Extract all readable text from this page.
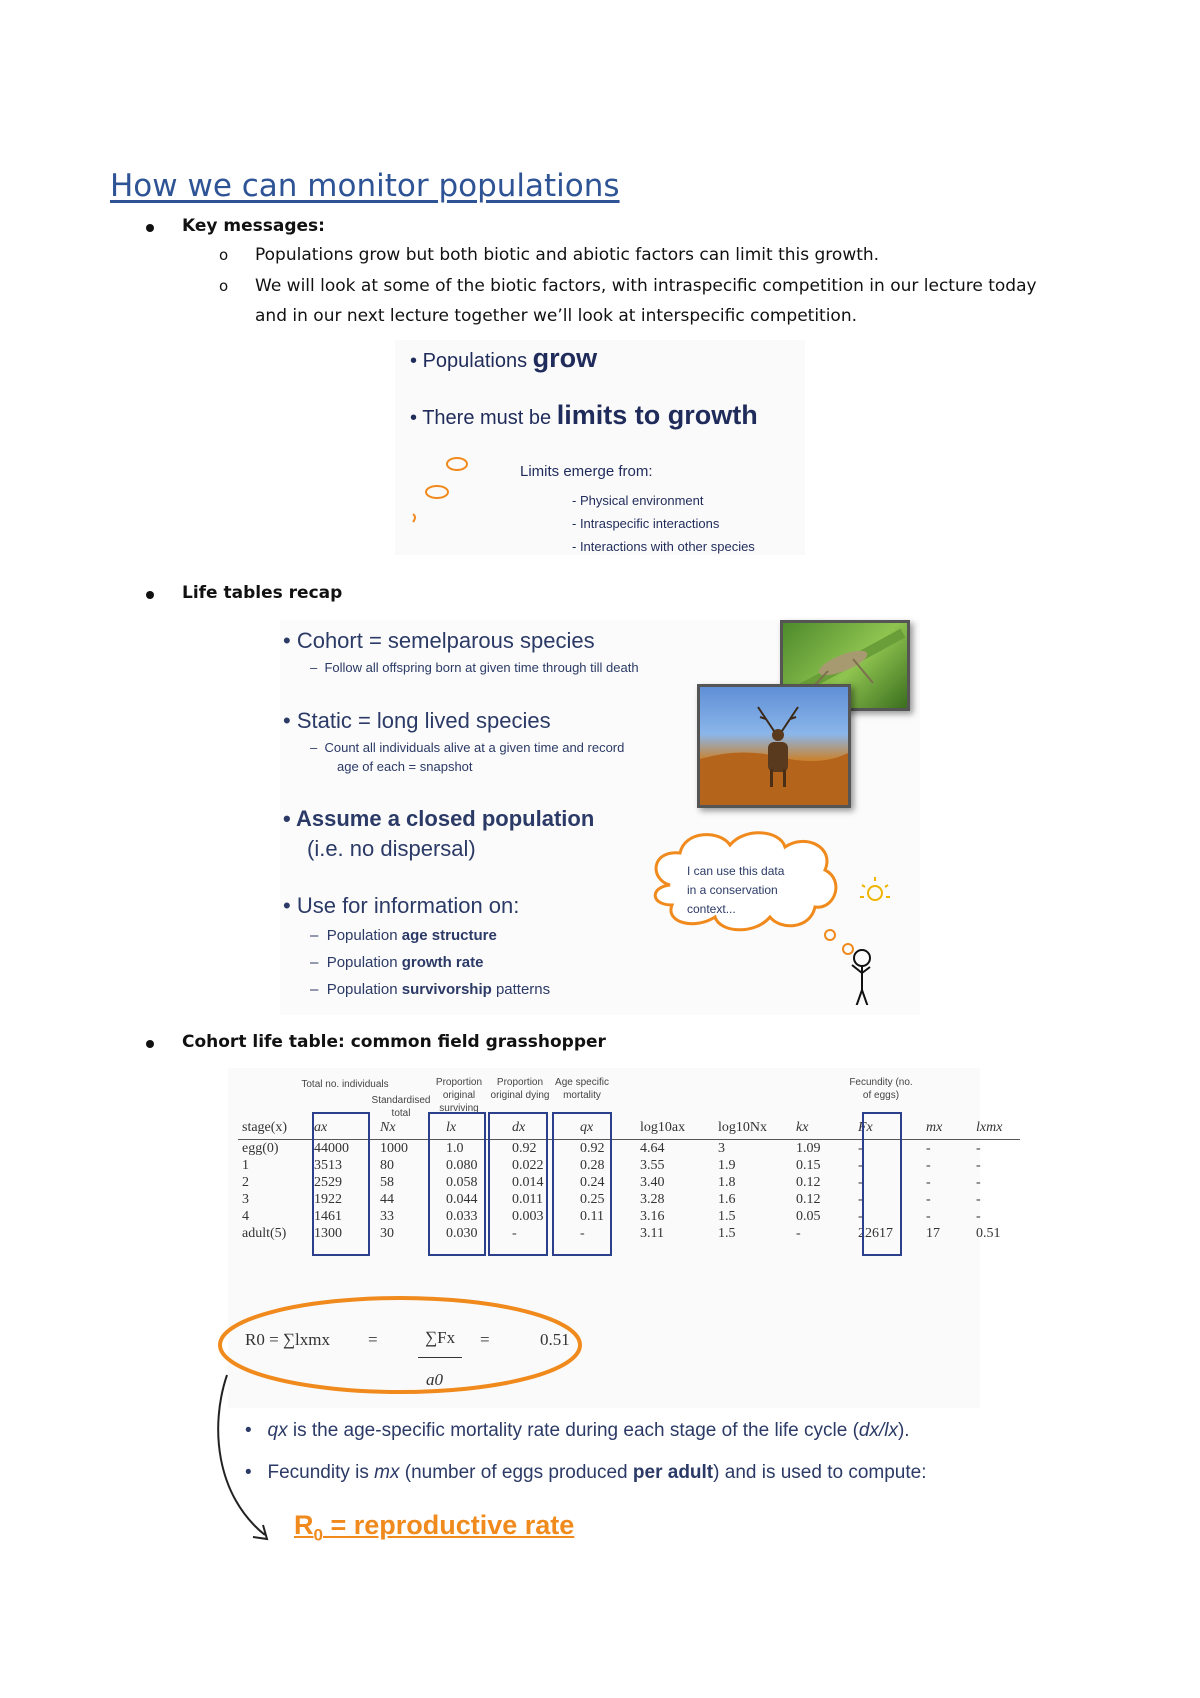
How we can monitor populations
Key messages:
o Populations grow but both biotic and abiotic factors can limit this growth.
o We will look at some of the biotic factors, with intraspecific competition in our lecture today
and in our next lecture together we’ll look at interspecific competition.
• Populations grow
• There must be limits to growth
Limits emerge from:
- Physical environment
- Intraspecific interactions
- Interactions with other species
Life tables recap
• Cohort = semelparous species
–  Follow all offspring born at given time through till death
• Static = long lived species
–  Count all individuals alive at a given time and record
age of each = snapshot
• Assume a closed population
(i.e. no dispersal)
• Use for information on:
–  Population age structure
–  Population growth rate
–  Population survivorship patterns
I can use this data
in a conservation
context...
Cohort life table: common field grasshopper
Total no. individuals
Standardised total
Proportion original surviving
Proportion original dying
Age specific mortality
Fecundity (no. of eggs)
stage(x)	ax	Nx	lx	dx	qx	log10ax	log10Nx	kx	Fx	mx	lxmx
egg(0)	44000	1000	1.0	0.92	0.92	4.64	3	1.09	-	-	-
1	3513	80	0.080	0.022	0.28	3.55	1.9	0.15	-	-	-
2	2529	58	0.058	0.014	0.24	3.40	1.8	0.12	-	-	-
3	1922	44	0.044	0.011	0.25	3.28	1.6	0.12	-	-	-
4	1461	33	0.033	0.003	0.11	3.16	1.5	0.05	-	-	-
adult(5)	1300	30	0.030	-	-	3.11	1.5	-	22617	17	0.51
R0 = ∑lxmx =	∑Fx
a0
=	0.51
•   qx is the age-specific mortality rate during each stage of the life cycle (dx/lx).
•   Fecundity is mx (number of eggs produced per adult) and is used to compute:
$R_0$ = reproductive rate
